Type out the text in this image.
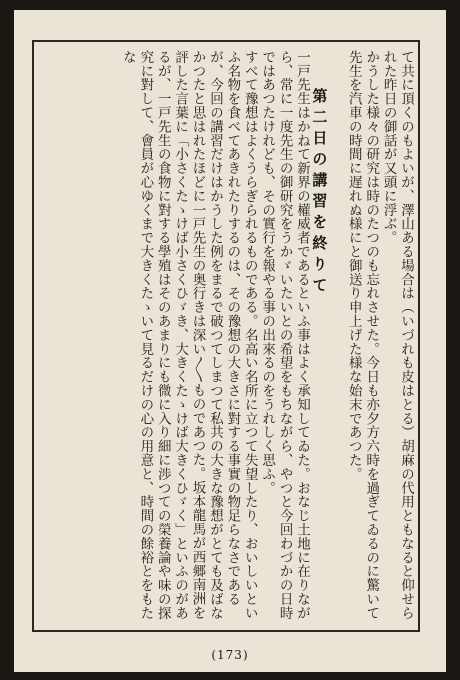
て共に頂くのもよいが、澤山ある場合は（いづれも皮はとる）胡麻の代用ともなると仰せられた昨日の御話が又頭に浮ぶ。

かうした様々の研究は時のたつのも忘れさせた。今日も亦夕方六時を過ぎてゐるのに驚いて先生を汽車の時間に遅れぬ様にと御送り申上げた様な始末であつた。

第二日の講習を終りて

一戸先生はかねて新界の權威者であるといふ事はよく承知してゐた。おなじ土地に在りながら、常に一度先生の御研究をうかゞいたいとの希望をもちながら、やつと今回わづかの日時ではあつたけれども、その實行を報やる事の出來るのをうれしく思ふ。

すべて豫想はよくうらぎられるものである。名高い名所に立つて失望したり、おいしいといふ名物を食べてあきれたりするのは、その豫想の大きさに對する事實の物足らなさであるが、今回の講習だけはかうした例をまるで破つてしまつて私共の大きな豫想がとても及ばなかつたと思はれたほどに一戸先生の奥行きは深い〳〵ものであつた。坂本龍馬が西郷南洲を評した言葉に「小さくたゝけば小さくひゞき、大きくたゝけば大きくひゞく」といふのがあるが、一戸先生の食物に對する學殖はそのあまりにも微に入り細に渉つての榮養論や味の探究に對して、會員が心ゆくまで大きくたゝいて見るだけの心の用意と、時間の餘裕とをもたな

(173)
